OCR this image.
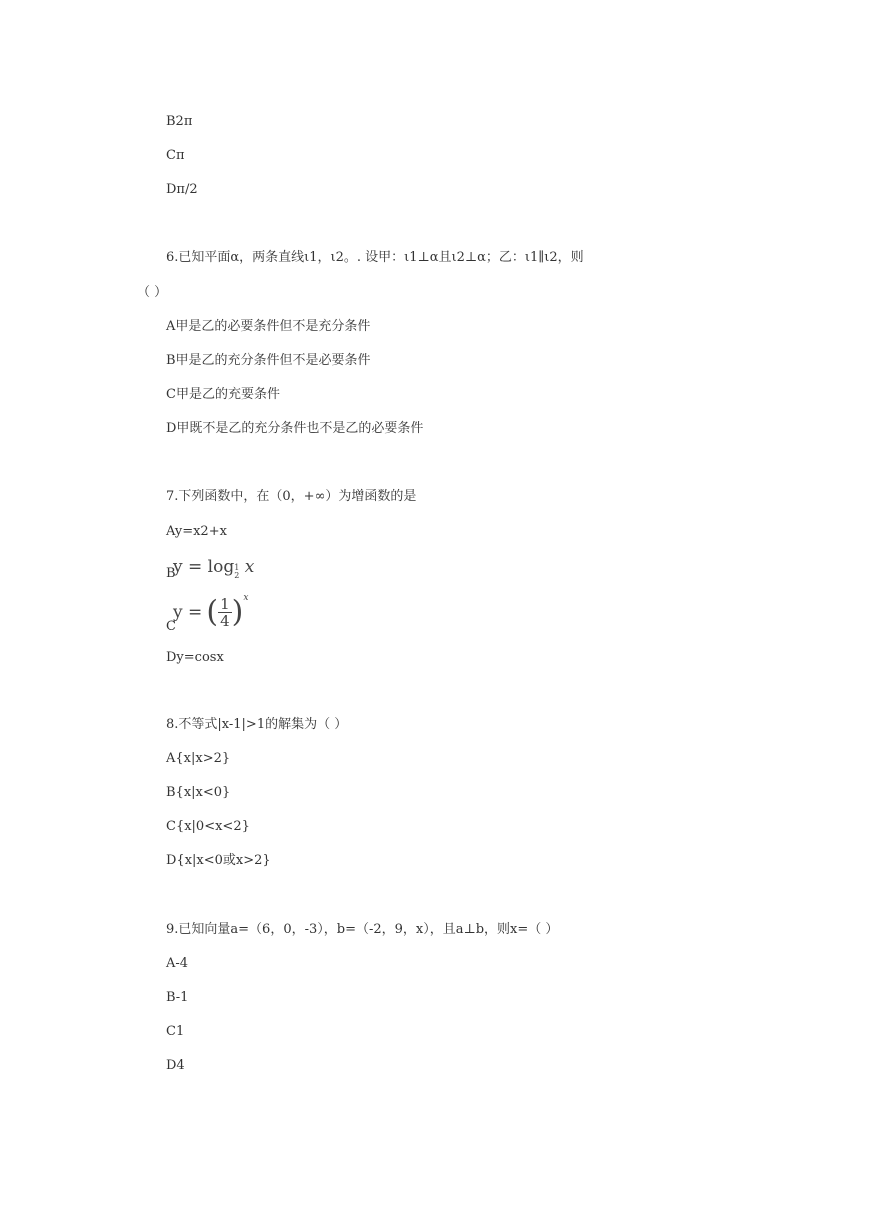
B2π
Cπ
Dπ/2
6.已知平面α，两条直线ι1，ι2。. 设甲：ι1⊥α且ι2⊥α；乙：ι1∥ι2，则
（ ）
A甲是乙的必要条件但不是充分条件
B甲是乙的充分条件但不是必要条件
C甲是乙的充要条件
D甲既不是乙的充分条件也不是乙的必要条件
7.下列函数中，在（0，+∞）为增函数的是
Ay=x2+x
B
y = log1
2 x
C
y = ( $\frac{1}{4} )^x$
Dy=cosx
8.不等式|x-1|>1的解集为（ ）
A{x|x>2}
B{x|x<0}
C{x|0<x<2}
D{x|x<0或x>2}
9.已知向量a=（6，0，-3），b=（-2，9，x），且a⊥b，则x=（ ）
A-4
B-1
C1
D4
